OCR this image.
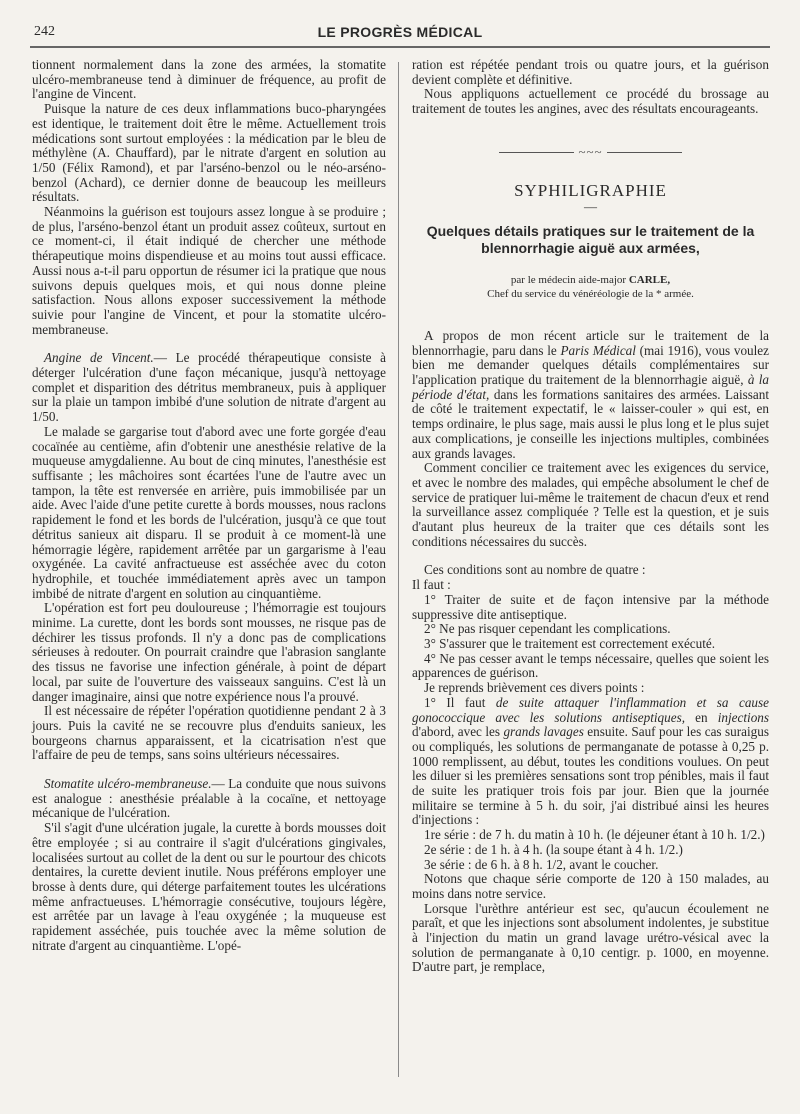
242	LE PROGRÈS MÉDICAL

tionnent normalement dans la zone des armées, la stomatite ulcéro-membraneuse tend à diminuer de fréquence, au profit de l'angine de Vincent.

Puisque la nature de ces deux inflammations buco-pharyngées est identique, le traitement doit être le même. Actuellement trois médications sont surtout employées : la médication par le bleu de méthylène (A. Chauffard), par le nitrate d'argent en solution au 1/50 (Félix Ramond), et par l'arséno-benzol ou le néo-arséno-benzol (Achard), ce dernier donne de beaucoup les meilleurs résultats.

Néanmoins la guérison est toujours assez longue à se produire ; de plus, l'arséno-benzol étant un produit assez coûteux, surtout en ce moment-ci, il était indiqué de chercher une méthode thérapeutique moins dispendieuse et au moins tout aussi efficace. Aussi nous a-t-il paru opportun de résumer ici la pratique que nous suivons depuis quelques mois, et qui nous donne pleine satisfaction. Nous allons exposer successivement la méthode suivie pour l'angine de Vincent, et pour la stomatite ulcéro-membraneuse.

Angine de Vincent.— Le procédé thérapeutique consiste à déterger l'ulcération d'une façon mécanique, jusqu'à nettoyage complet et disparition des détritus membraneux, puis à appliquer sur la plaie un tampon imbibé d'une solution de nitrate d'argent au 1/50.

Le malade se gargarise tout d'abord avec une forte gorgée d'eau cocaïnée au centième, afin d'obtenir une anesthésie relative de la muqueuse amygdalienne. Au bout de cinq minutes, l'anesthésie est suffisante ; les mâchoires sont écartées l'une de l'autre avec un tampon, la tête est renversée en arrière, puis immobilisée par un aide. Avec l'aide d'une petite curette à bords mousses, nous raclons rapidement le fond et les bords de l'ulcération, jusqu'à ce que tout détritus sanieux ait disparu. Il se produit à ce moment-là une hémorragie légère, rapidement arrêtée par un gargarisme à l'eau oxygénée. La cavité anfractueuse est asséchée avec du coton hydrophile, et touchée immédiatement après avec un tampon imbibé de nitrate d'argent en solution au cinquantième.

L'opération est fort peu douloureuse ; l'hémorragie est toujours minime. La curette, dont les bords sont mousses, ne risque pas de déchirer les tissus profonds. Il n'y a donc pas de complications sérieuses à redouter. On pourrait craindre que l'abrasion sanglante des tissus ne favorise une infection générale, à point de départ local, par suite de l'ouverture des vaisseaux sanguins. C'est là un danger imaginaire, ainsi que notre expérience nous l'a prouvé.

Il est nécessaire de répéter l'opération quotidienne pendant 2 à 3 jours. Puis la cavité ne se recouvre plus d'enduits sanieux, les bourgeons charnus apparaissent, et la cicatrisation n'est que l'affaire de peu de temps, sans soins ultérieurs nécessaires.

Stomatite ulcéro-membraneuse.— La conduite que nous suivons est analogue : anesthésie préalable à la cocaïne, et nettoyage mécanique de l'ulcération.

S'il s'agit d'une ulcération jugale, la curette à bords mousses doit être employée ; si au contraire il s'agit d'ulcérations gingivales, localisées surtout au collet de la dent ou sur le pourtour des chicots dentaires, la curette devient inutile. Nous préférons employer une brosse à dents dure, qui déterge parfaitement toutes les ulcérations même anfractueuses. L'hémorragie consécutive, toujours légère, est arrêtée par un lavage à l'eau oxygénée ; la muqueuse est rapidement asséchée, puis touchée avec la même solution de nitrate d'argent au cinquantième. L'opé-

ration est répétée pendant trois ou quatre jours, et la guérison devient complète et définitive.

Nous appliquons actuellement ce procédé du brossage au traitement de toutes les angines, avec des résultats encourageants.

~~~
SYPHILIGRAPHIE
—
Quelques détails pratiques sur le traitement de la blennorrhagie aiguë aux armées,
par le médecin aide-major CARLE,
Chef du service du vénéréologie de la * armée.

A propos de mon récent article sur le traitement de la blennorrhagie, paru dans le Paris Médical (mai 1916), vous voulez bien me demander quelques détails complémentaires sur l'application pratique du traitement de la blennorrhagie aiguë, à la période d'état, dans les formations sanitaires des armées. Laissant de côté le traitement expectatif, le « laisser-couler » qui est, en temps ordinaire, le plus sage, mais aussi le plus long et le plus sujet aux complications, je conseille les injections multiples, combinées aux grands lavages.

Comment concilier ce traitement avec les exigences du service, et avec le nombre des malades, qui empêche absolument le chef de service de pratiquer lui-même le traitement de chacun d'eux et rend la surveillance assez compliquée ? Telle est la question, et je suis d'autant plus heureux de la traiter que ces détails sont les conditions nécessaires du succès.

Ces conditions sont au nombre de quatre :

Il faut :

1° Traiter de suite et de façon intensive par la méthode suppressive dite antiseptique.

2° Ne pas risquer cependant les complications.

3° S'assurer que le traitement est correctement exécuté.

4° Ne pas cesser avant le temps nécessaire, quelles que soient les apparences de guérison.

Je reprends brièvement ces divers points :

1° Il faut de suite attaquer l'inflammation et sa cause gonococcique avec les solutions antiseptiques, en injections d'abord, avec les grands lavages ensuite. Sauf pour les cas suraigus ou compliqués, les solutions de permanganate de potasse à 0,25 p. 1000 remplissent, au début, toutes les conditions voulues. On peut les diluer si les premières sensations sont trop pénibles, mais il faut de suite les pratiquer trois fois par jour. Bien que la journée militaire se termine à 5 h. du soir, j'ai distribué ainsi les heures d'injections :

1re série : de 7 h. du matin à 10 h. (le déjeuner étant à 10 h. 1/2.)

2e série : de 1 h. à 4 h. (la soupe étant à 4 h. 1/2.)

3e série : de 6 h. à 8 h. 1/2, avant le coucher.

Notons que chaque série comporte de 120 à 150 malades, au moins dans notre service.

Lorsque l'urèthre antérieur est sec, qu'aucun écoulement ne paraît, et que les injections sont absolument indolentes, je substitue à l'injection du matin un grand lavage urétro-vésical avec la solution de permanganate à 0,10 centigr. p. 1000, en moyenne. D'autre part, je remplace,
